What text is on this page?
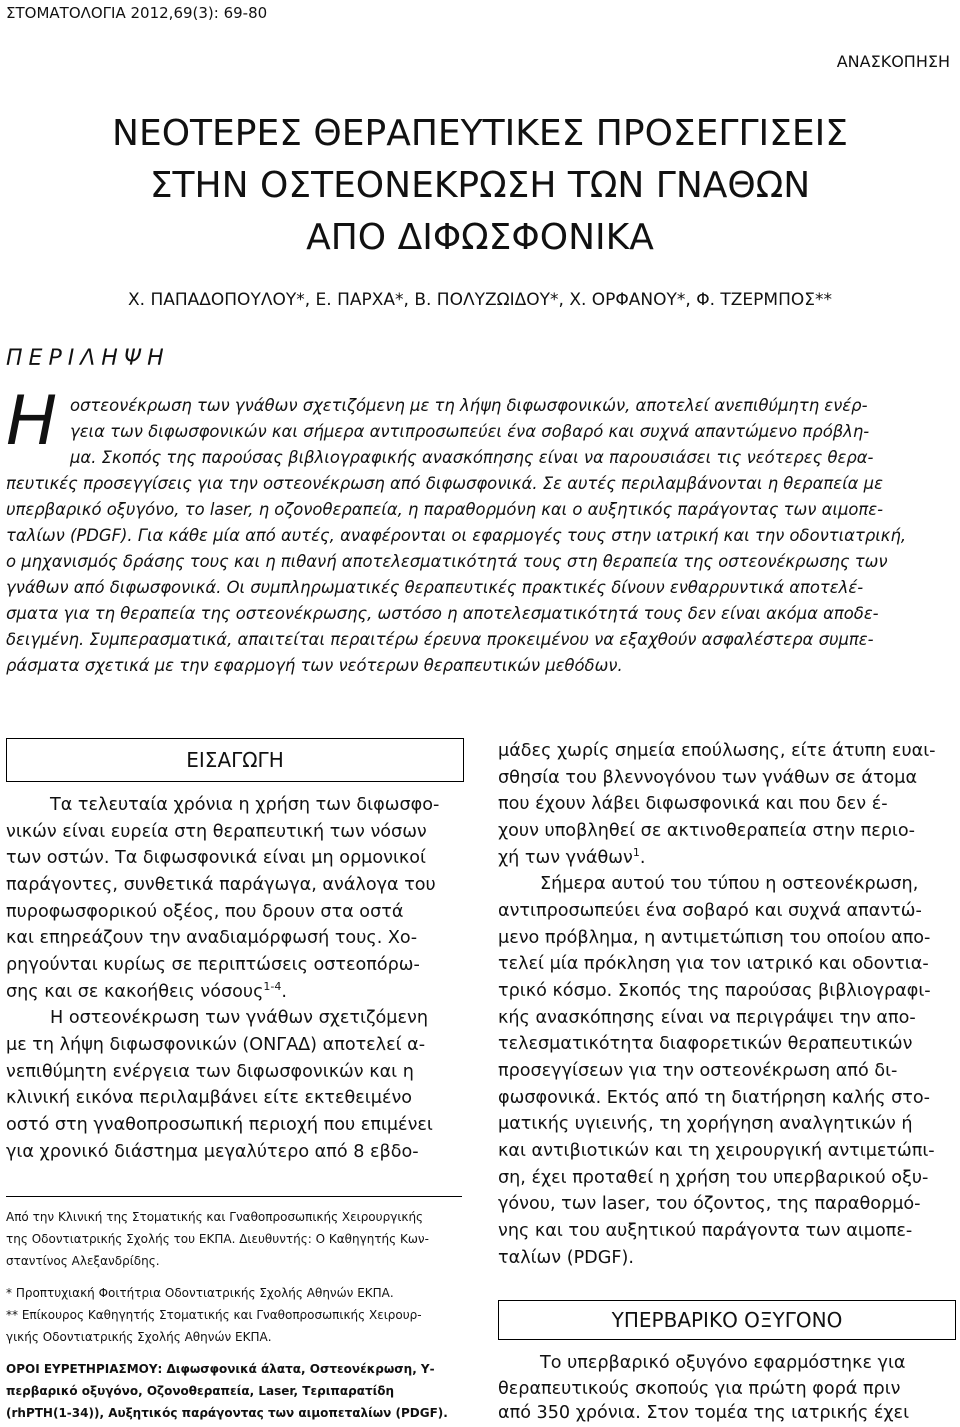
ΣΤΟΜΑΤΟΛΟΓΙΑ 2012,69(3): 69-80
ΑΝΑΣΚΟΠΗΣΗ
ΝΕΟΤΕΡΕΣ ΘΕΡΑΠΕΥΤΙΚΕΣ ΠΡΟΣΕΓΓΙΣΕΙΣ
ΣΤΗΝ ΟΣΤΕΟΝΕΚΡΩΣΗ ΤΩΝ ΓΝΑΘΩΝ
ΑΠΟ ΔΙΦΩΣΦΟΝΙΚΑ
Χ. ΠΑΠΑΔΟΠΟΥΛΟΥ*, Ε. ΠΑΡΧΑ*, Β. ΠΟΛΥΖΩΙΔΟΥ*, Χ. ΟΡΦΑΝΟΥ*, Φ. ΤΖΕΡΜΠΟΣ**
ΠΕΡΙΛΗΨΗ
Η οστεονέκρωση των γνάθων σχετιζόμενη με τη λήψη διφωσφονικών, αποτελεί ανεπιθύμητη ενέρ-
γεια των διφωσφονικών και σήμερα αντιπροσωπεύει ένα σοβαρό και συχνά απαντώμενο πρόβλη-
μα. Σκοπός της παρούσας βιβλιογραφικής ανασκόπησης είναι να παρουσιάσει τις νεότερες θερα-
πευτικές προσεγγίσεις για την οστεονέκρωση από διφωσφονικά. Σε αυτές περιλαμβάνονται η θεραπεία με
υπερβαρικό οξυγόνο, το laser, η οζονοθεραπεία, η παραθορμόνη και ο αυξητικός παράγοντας των αιμοπε-
ταλίων (PDGF). Για κάθε μία από αυτές, αναφέρονται οι εφαρμογές τους στην ιατρική και την οδοντιατρική,
ο μηχανισμός δράσης τους και η πιθανή αποτελεσματικότητά τους στη θεραπεία της οστεονέκρωσης των
γνάθων από διφωσφονικά. Οι συμπληρωματικές θεραπευτικές πρακτικές δίνουν ενθαρρυντικά αποτελέ-
σματα για τη θεραπεία της οστεονέκρωσης, ωστόσο η αποτελεσματικότητά τους δεν είναι ακόμα αποδε-
δειγμένη. Συμπερασματικά, απαιτείται περαιτέρω έρευνα προκειμένου να εξαχθούν ασφαλέστερα συμπε-
ράσματα σχετικά με την εφαρμογή των νεότερων θεραπευτικών μεθόδων.
ΕΙΣΑΓΩΓΗ
Τα τελευταία χρόνια η χρήση των διφωσφο-
νικών είναι ευρεία στη θεραπευτική των νόσων
των οστών. Τα διφωσφονικά είναι μη ορμονικοί
παράγοντες, συνθετικά παράγωγα, ανάλογα του
πυροφωσφορικού οξέος, που δρουν στα οστά
και επηρεάζουν την αναδιαμόρφωσή τους. Χο-
ρηγούνται κυρίως σε περιπτώσεις οστεοπόρω-
σης και σε κακοήθεις νόσους$^{1-4}$.
Η οστεονέκρωση των γνάθων σχετιζόμενη
με τη λήψη διφωσφονικών (ΟΝΓΑΔ) αποτελεί α-
νεπιθύμητη ενέργεια των διφωσφονικών και η
κλινική εικόνα περιλαμβάνει είτε εκτεθειμένο
οστό στη γναθοπροσωπική περιοχή που επιμένει
για χρονικό διάστημα μεγαλύτερο από 8 εβδο-
Από την Κλινική της Στοματικής και Γναθοπροσωπικής Χειρουργικής
της Οδοντιατρικής Σχολής του ΕΚΠΑ. Διευθυντής: Ο Καθηγητής Κων-
σταντίνος Αλεξανδρίδης.
* Προπτυχιακή Φοιτήτρια Οδοντιατρικής Σχολής Αθηνών ΕΚΠΑ.
** Επίκουρος Καθηγητής Στοματικής και Γναθοπροσωπικής Χειρουρ-
γικής Οδοντιατρικής Σχολής Αθηνών ΕΚΠΑ.
ΟΡΟΙ ΕΥΡΕΤΗΡΙΑΣΜΟΥ: Διφωσφονικά άλατα, Οστεονέκρωση, Υ-
περβαρικό οξυγόνο, Οζονοθεραπεία, Laser, Τεριπαρατίδη
(rhPTH(1-34)), Αυξητικός παράγοντας των αιμοπεταλίων (PDGF).
μάδες χωρίς σημεία επούλωσης, είτε άτυπη ευαι-
σθησία του βλεννογόνου των γνάθων σε άτομα
που έχουν λάβει διφωσφονικά και που δεν έ-
χουν υποβληθεί σε ακτινοθεραπεία στην περιο-
χή των γνάθων$^1$.
Σήμερα αυτού του τύπου η οστεονέκρωση,
αντιπροσωπεύει ένα σοβαρό και συχνά απαντώ-
μενο πρόβλημα, η αντιμετώπιση του οποίου απο-
τελεί μία πρόκληση για τον ιατρικό και οδοντια-
τρικό κόσμο. Σκοπός της παρούσας βιβλιογραφι-
κής ανασκόπησης είναι να περιγράψει την απο-
τελεσματικότητα διαφορετικών θεραπευτικών
προσεγγίσεων για την οστεονέκρωση από δι-
φωσφονικά. Εκτός από τη διατήρηση καλής στο-
ματικής υγιεινής, τη χορήγηση αναλγητικών ή
και αντιβιοτικών και τη χειρουργική αντιμετώπι-
ση, έχει προταθεί η χρήση του υπερβαρικού οξυ-
γόνου, των laser, του όζοντος, της παραθορμό-
νης και του αυξητικού παράγοντα των αιμοπε-
ταλίων (PDGF).
ΥΠΕΡΒΑΡΙΚΟ ΟΞΥΓΟΝΟ
Το υπερβαρικό οξυγόνο εφαρμόστηκε για
θεραπευτικούς σκοπούς για πρώτη φορά πριν
από 350 χρόνια. Στον τομέα της ιατρικής έχει
